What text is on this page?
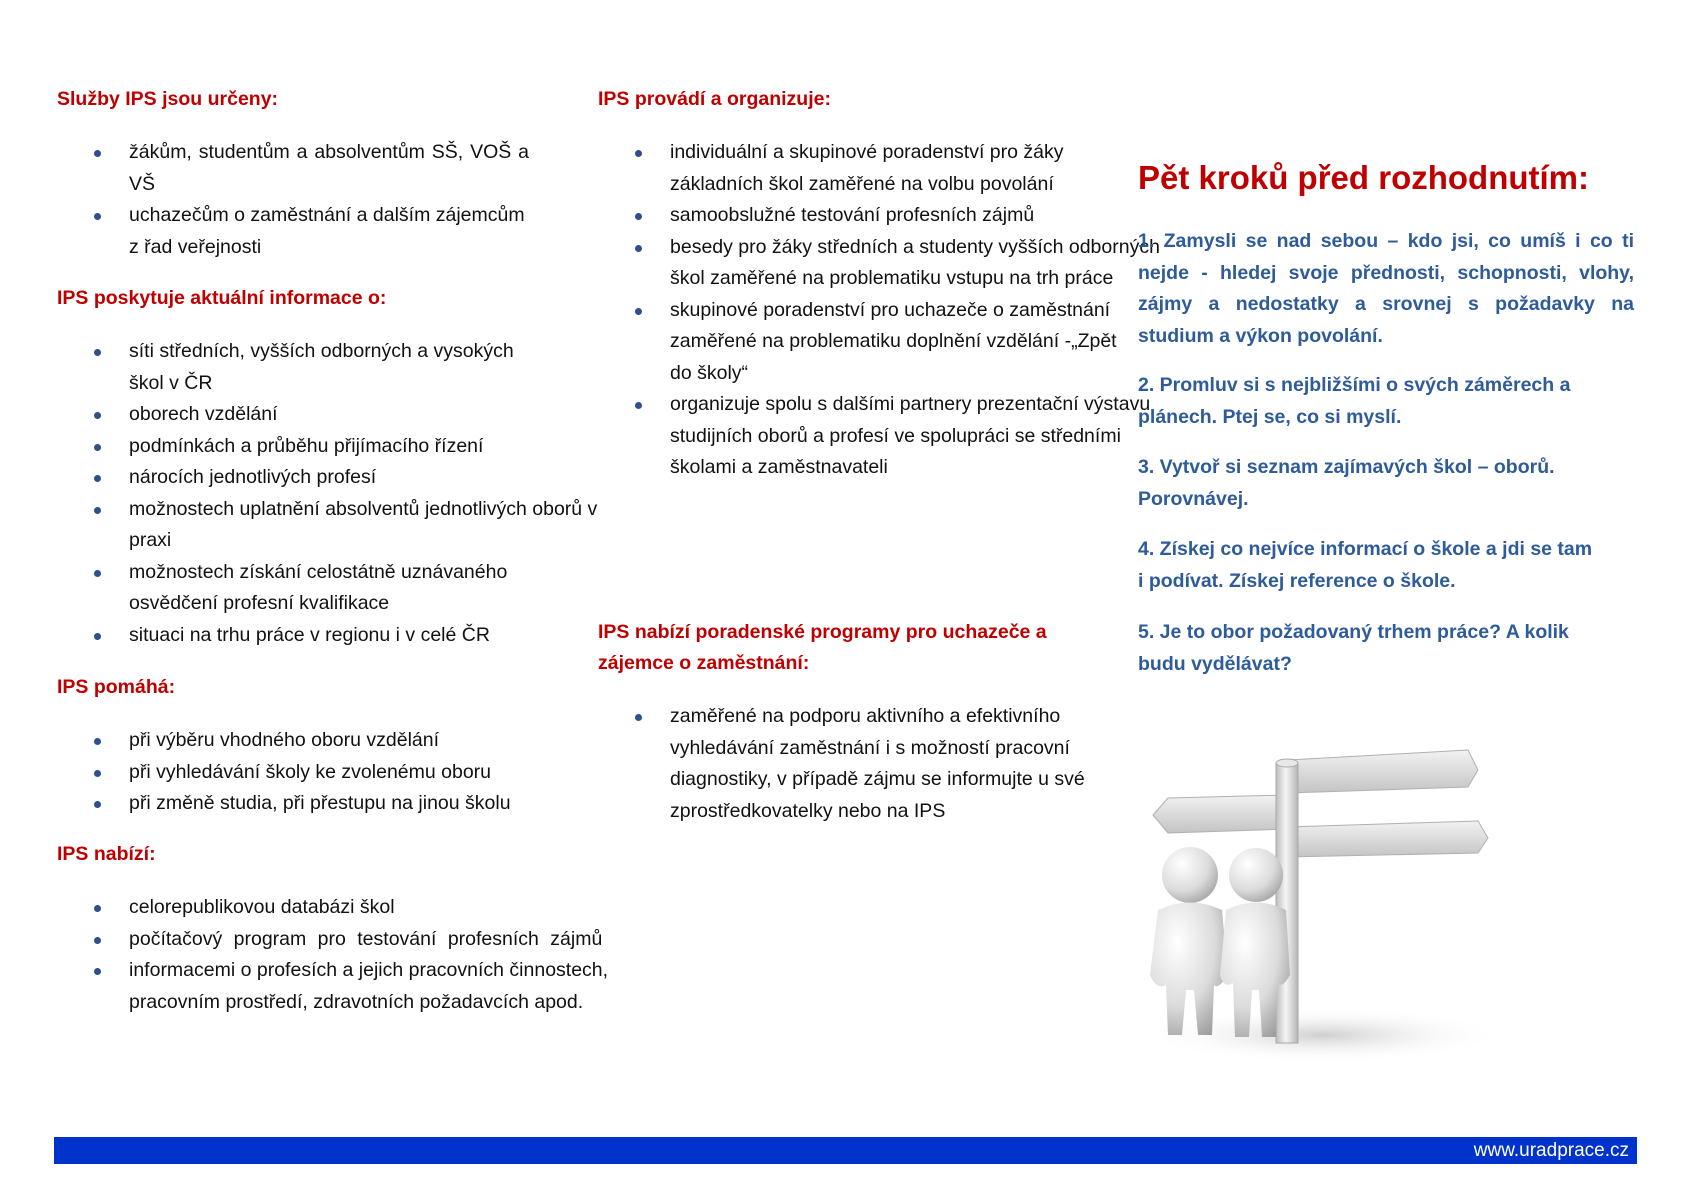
Služby IPS jsou určeny:
žákům, studentům a absolventům SŠ, VOŠ a VŠ
uchazečům o zaměstnání a dalším zájemcům z řad veřejnosti
IPS poskytuje aktuální informace o:
síti středních, vyšších odborných a vysokých škol v ČR
oborech vzdělání
podmínkách a průběhu přijímacího řízení
nárocích jednotlivých profesí
možnostech uplatnění absolventů jednotlivých oborů v praxi
možnostech získání celostátně uznávaného osvědčení profesní kvalifikace
situaci na trhu práce v regionu i v celé ČR
IPS pomáhá:
při výběru vhodného oboru vzdělání
při vyhledávání školy ke zvolenému oboru
při změně studia, při přestupu na jinou školu
IPS nabízí:
celorepublikovou databázi škol
počítačový program pro testování profesních zájmů
informacemi o profesích a jejich pracovních činnostech, pracovním prostředí, zdravotních požadavcích apod.
IPS provádí a organizuje:
individuální a skupinové poradenství pro žáky základních škol zaměřené na volbu povolání
samoobslužné testování profesních zájmů
besedy pro žáky středních a studenty vyšších odborných škol zaměřené na problematiku vstupu na trh práce
skupinové poradenství pro uchazeče o zaměstnání zaměřené na problematiku doplnění vzdělání -„Zpět do školy“
organizuje spolu s dalšími partnery prezentační výstavu studijních oborů a profesí ve spolupráci se středními školami a zaměstnavateli
IPS nabízí poradenské programy pro uchazeče a zájemce o zaměstnání:
zaměřené na podporu aktivního a efektivního vyhledávání zaměstnání i s možností pracovní diagnostiky, v případě zájmu se informujte u své zprostředkovatelky nebo na IPS
Pět kroků před rozhodnutím:

1. Zamysli se nad sebou – kdo jsi, co umíš i co ti nejde - hledej svoje přednosti, schopnosti, vlohy, zájmy a nedostatky a srovnej s požadavky na studium a výkon povolání.

2. Promluv si s nejbližšími o svých záměrech a plánech. Ptej se, co si myslí.

3. Vytvoř si seznam zajímavých škol – oborů. Porovnávej.

4. Získej co nejvíce informací o škole a jdi se tam i podívat. Získej reference o škole.

5. Je to obor požadovaný trhem práce? A kolik budu vydělávat?

www.uradprace.cz
